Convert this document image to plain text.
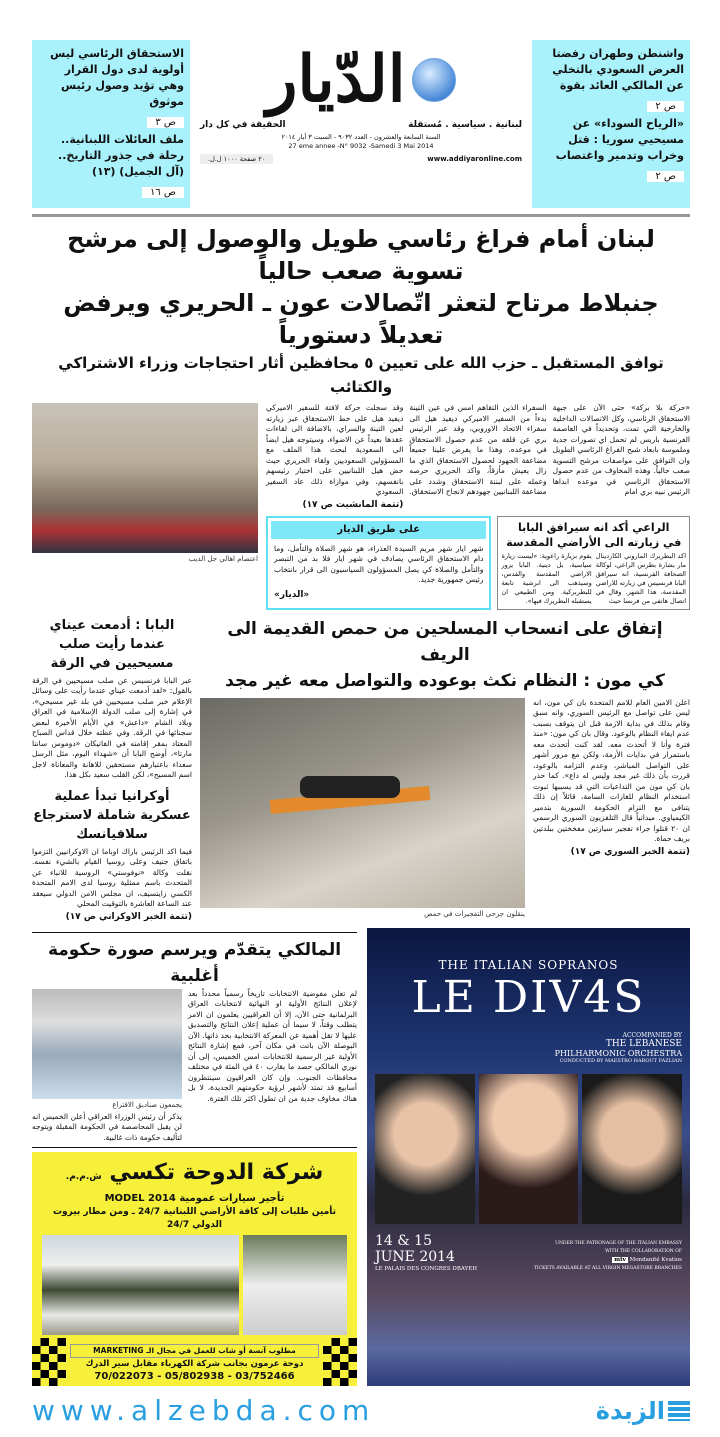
الاستحقاق الرئاسي ليس أولوية لدى دول القرار وهي تؤيد وصول رئيس موثوق
ص ٣
ملف العائلات اللبنانية.. رحلة في جذور التاريخ.. (آل الجميل) (١٣)
ص ١٦
الدّيار
لبنانية . سياسية . مُستقلة
الحقيقة في كل دار
السنة السابعة والعشرون - العدد ٩٠٣٢ - السبت ٣ أيار ٢٠١٤
27 eme annee -N° 9032 -Samedi 3 Mai 2014
٢٠ صفحة ١٠٠٠ ل.ل.	www.addiyaronline.com
واشنطن وطهران رفضتا العرض السعودي بالتخلي عن المالكي العائد بقوة
ص ٢
«الرياح السوداء» عن مسيحيي سوريا : قتل وخراب وتدمير واغتصاب
ص ٢
لبنان أمام فراغ رئاسي طويل والوصول إلى مرشح تسوية صعب حالياً
جنبلاط مرتاح لتعثر اتّصالات عون ـ الحريري ويرفض تعديلاً دستورياً
توافق المستقبل ـ حزب الله على تعيين ٥ محافظين أثار احتجاجات وزراء الاشتراكي والكتائب
اعتصام اهالي جل الديب
«حركة بلا بركة» حتى الآن على جبهة الاستحقاق الرئاسي، وكل الاتصالات الداخلية والخارجية التي تمت، وتحديداً في العاصمة الفرنسية باريس لم تحمل اي تصورات جدية وملموسة بابعاد شبح الفراغ الرئاسي الطويل وان التوافق على مواصفات مرشح التسوية صعب حالياً. وهذه المخاوف من عدم حصول الاستحقاق الرئاسي في موعده ابداها الرئيس نبيه بري امام
السفراء الذين التقاهم امس في عين التينة بدءاً من السفير الاميركي ديفيد هيل الى سفراء الاتحاد الاوروبي، وقد عبر الرئيس بري عن قلقه من عدم حصول الاستحقاق في موعده. وهذا ما يفرض علينا جميعاً مضاعفة الجهود لحصول الاستحقاق الذي ما زال يعيش مأزقاً، واكد الحريري حرصه وعمله على لبننة الاستحقاق وشدد على مضاعفة اللبنانيين جهودهم لانجاح الاستحقاق.
وقد سجلت حركة لافتة للسفير الاميركي ديفيد هيل على خط الاستحقاق عبر زيارته لعين التينة والسراي، بالاضافة الى لقاءات عقدها بعيداً عن الاضواء، وسيتوجه هيل ايضاً الى السعودية لبحث هذا الملف مع المسؤولين السعوديين ولقاء الحريري حيث حض هيل اللبنانيين على اختيار رئيسهم بانفسهم، وفي موازاة ذلك عاد السفير السعودي
(تتمة المانشيت ص ١٧)
الراعي أكد انه سيرافق البابا
في زيارته الى الأراضي المقدسة
اكد البطريرك الماروني الكاردينال مار بشارة بطرس الراعي، لوكالة الصحافة الفرنسية، انه سيرافق البابا فرنسيس في زيارته للاراضي المقدسة، هذا الشهر. وقال في اتصال هاتفي من فرنسا حيث
يقوم بزيارة راعوية: «ليست زيارة سياسية، بل دينية. البابا يزور الاراضي المقدسة والقدس، وسيذهب الى ابرشية تابعة للبطريركية. ومن الطبيعي ان يستقبله البطريرك فيها».
على طريق الديار
شهر ايار شهر مريم السيدة العذراء، هو شهر الصلاة والتأمل، وما دام الاستحقاق الرئاسي يصادف في شهر ايار فلا بد من التبصر والتأمل والصلاة كي يصل المسؤولون السياسيون الى قرار بانتخاب رئيس جمهورية جديد.
«الديار»
البابا : أدمعت عيناي عندما رأيت صلب مسيحيين في الرقة
عبر البابا فرنسيس عن صلب مسيحيين في الرقة بالقول: «لقد أدمعت عيناي عندما رأيت على وسائل الإعلام خبر صلب مسيحيين في بلد غير مسيحي»، في إشارة إلى صلب الدولة الإسلامية في العراق وبلاد الشام «داعش» في الأيام الأخيرة لبعض سجنائها في الرقة. وفي عظته خلال قداس الصباح المعتاد بمقر إقامته في الفاتيكان «دوموس سانتا مارتا»، أوضح البابا أن «شهداء اليوم، مثل الرسل سعداء باعتبارهم مستحقين للاهانة والمعاناة لاجل اسم المسيح»، لكن القلب سعيد بكل هذا.
أوكرانيا تبدأ عملية عسكرية شاملة لاسترجاع سلافيانسك
فيما اكد الرئيس باراك اوباما ان الاوكرانيين التزموا باتفاق جنيف وعلى روسيا القيام بالشيء نفسه. نقلت وكالة «نوفوستي» الروسية للانباء عن المتحدث باسم ممثلية روسيا لدى الامم المتحدة الكسي زايتسيف، ان مجلس الامن الدولي سيعقد عند الساعة العاشرة بالتوقيت المحلي
(تتمة الخبر الاوكراني ص ١٧)
إتفاق على انسحاب المسلحين من حمص القديمة الى الريف
كي مون : النظام نكث بوعوده والتواصل معه غير مجد
اعلن الامين العام للامم المتحدة بان كي مون، انه ليس على تواصل مع الرئيس السوري، وانه سبق وقام بذلك في بداية الازمة قبل ان يتوقف بسبب عدم ايفاء النظام بالوعود. وقال بان كي مون: «منذ فترة وأنا لا أتحدث معه. لقد كنت أتحدث معه باستمرار في بدايات الأزمة، ولكن مع مرور أشهر على التواصل المباشر، وعدم التزامه بالوعود، قررت بأن ذلك غير مجد وليس له داع». كما حذر بان كي مون من التداعيات التي قد يسببها ثبوت استخدام النظام للغازات السامة، قائلاً إن ذلك يتنافى مع التزام الحكومة السورية بتدمير الكيمياوي. ميدانياً قال التلفزيون السوري الرسمي ان ٢٠ قتلوا جراء تفجير سيارتين مفخختين ببلدتين بريف حماة.
(تتمة الخبر السوري ص ١٧)
ينقلون جرحى التفجيرات في حمص
المالكي يتقدّم ويرسم صورة حكومة أغلبية
لم تعلن مفوضية الانتخابات تاريخاً رسمياً محدداً بعد لإعلان النتائج الأولية او النهائية لانتخابات العراق البرلمانية حتى الآن، إلا أن العراقيين يعلمون ان الامر يتطلب وقتاً، لا سيما أن عملية إعلان النتائج والتصديق عليها لا تقل أهمية عن المعركة الانتخابية بحد ذاتها. الآن البوصلة الآن باتت في مكان آخر، فمع إشارة النتائج الأولية غير الرسمية للانتخابات امس الخميس، إلى أن نوري المالكي حصد ما يقارب ٤٠ في المئة في مختلف محافظات الجنوب. وإن كان العراقيون سينتظرون أسابيع قد تمتد لأشهر لرؤية حكومتهم الجديدة، لا بل هناك مخاوف جدية من ان تطول اكثر تلك الفترة.
يجمعون صناديق الاقتراع
يذكر أن رئيس الوزراء العراقي أعلن الخميس انه لن يقبل المحاصصة في الحكومة المقبلة ويتوجه لتأليف حكومة ذات غالبية.
شركة الدوحة تكسي ش.م.م.
تأجير سيارات عمومية MODEL 2014
تأمين طلبات إلى كافة الأراضي اللبنانية 24/7 ـ ومن مطار بيروت الدولي 24/7
مطلوب آنسة أو شاب للعمل في مجال الـ MARKETING
دوحة عرمون بجانب شركة الكهرباء مقابل سير الدرك
70/022073 - 05/802938 - 03/752466
THE ITALIAN SOPRANOS
LE DIV4S
ACCOMPANIED BY
THE LEBANESE
PHILHARMONIC ORCHESTRA
CONDUCTED BY MAESTRO HAROUT FAZLIAN
14 & 15
JUNE 2014
LE PALAIS DES CONGRES DBAYEH
UNDER THE PATRONAGE OF THE ITALIAN EMBASSY
WITH THE COLLABORATION OF
mtv Mondanité Kvatios
TICKETS AVAILABLE AT ALL VIRGIN MEGASTORE BRANCHES
www.alzebda.com	الزبدة
